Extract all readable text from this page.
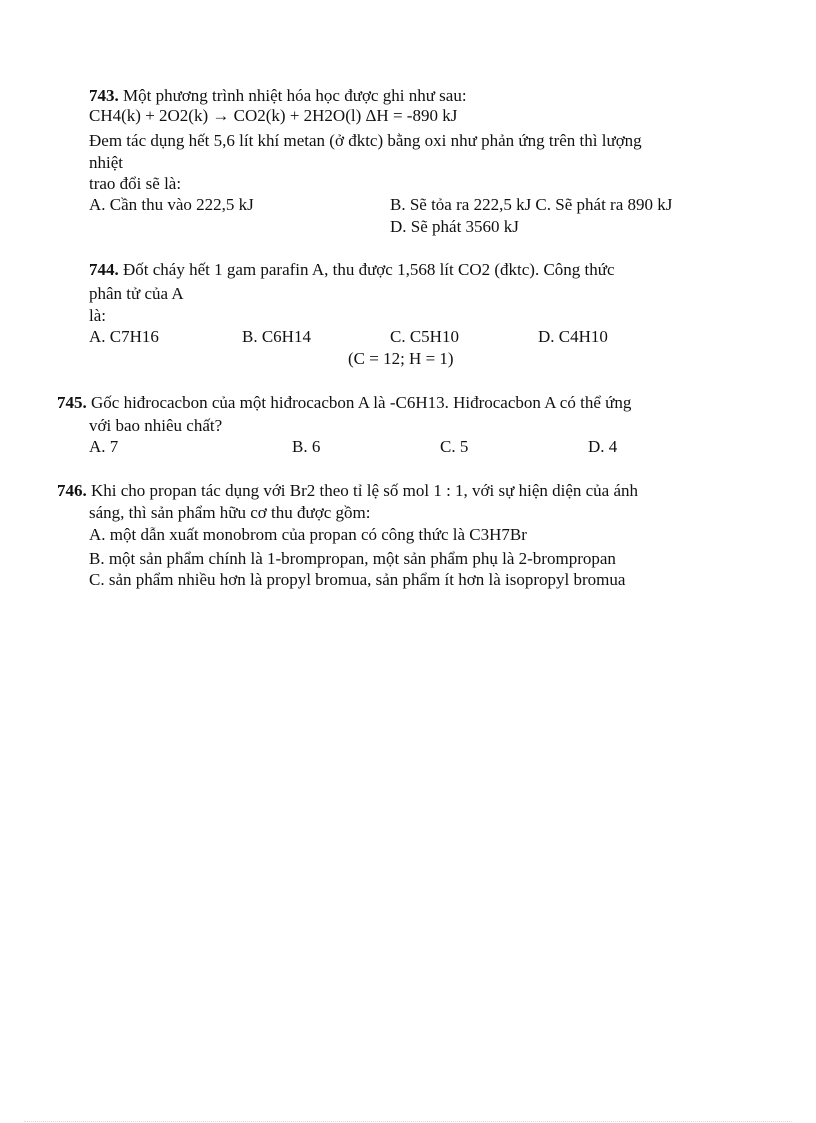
743. Một phương trình nhiệt hóa học được ghi như sau:
CH4(k) + 2O2(k) → CO2(k) + 2H2O(l) ΔH = -890 kJ
Đem tác dụng hết 5,6 lít khí metan (ở đktc) bằng oxi như phản ứng trên thì lượng
nhiệt
trao đổi sẽ là:
A. Cần thu vào 222,5 kJ	B. Sẽ tỏa ra 222,5 kJ C. Sẽ phát ra 890 kJ
D. Sẽ phát 3560 kJ
744. Đốt cháy hết 1 gam parafin A, thu được 1,568 lít CO2 (đktc). Công thức
phân tử của A
là:
A. C7H16	B. C6H14	C. C5H10	D. C4H10
(C = 12; H = 1)
745. Gốc hiđrocacbon của một hiđrocacbon A là -C6H13. Hiđrocacbon A có thể ứng
với bao nhiêu chất?
A. 7	B. 6	C. 5	D. 4
746. Khi cho propan tác dụng với Br2 theo tỉ lệ số mol 1 : 1, với sự hiện diện của ánh
sáng, thì sản phẩm hữu cơ thu được gồm:
A. một dẫn xuất monobrom của propan có công thức là C3H7Br
B. một sản phẩm chính là 1-brompropan, một sản phẩm phụ là 2-brompropan
C. sản phẩm nhiều hơn là propyl bromua, sản phẩm ít hơn là isopropyl bromua
